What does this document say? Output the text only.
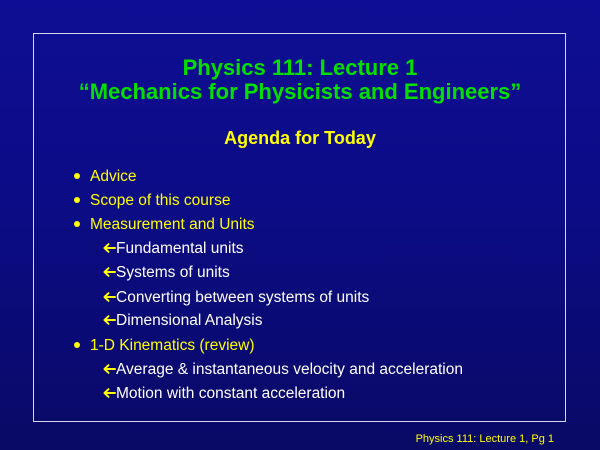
Physics 111: Lecture 1
“Mechanics for Physicists and Engineers”
Agenda for Today
Advice
Scope of this course
Measurement and Units
Fundamental units
Systems of units
Converting between systems of units
Dimensional Analysis
1-D Kinematics (review)
Average & instantaneous velocity and acceleration
Motion with constant acceleration
Physics 111: Lecture 1, Pg 1
